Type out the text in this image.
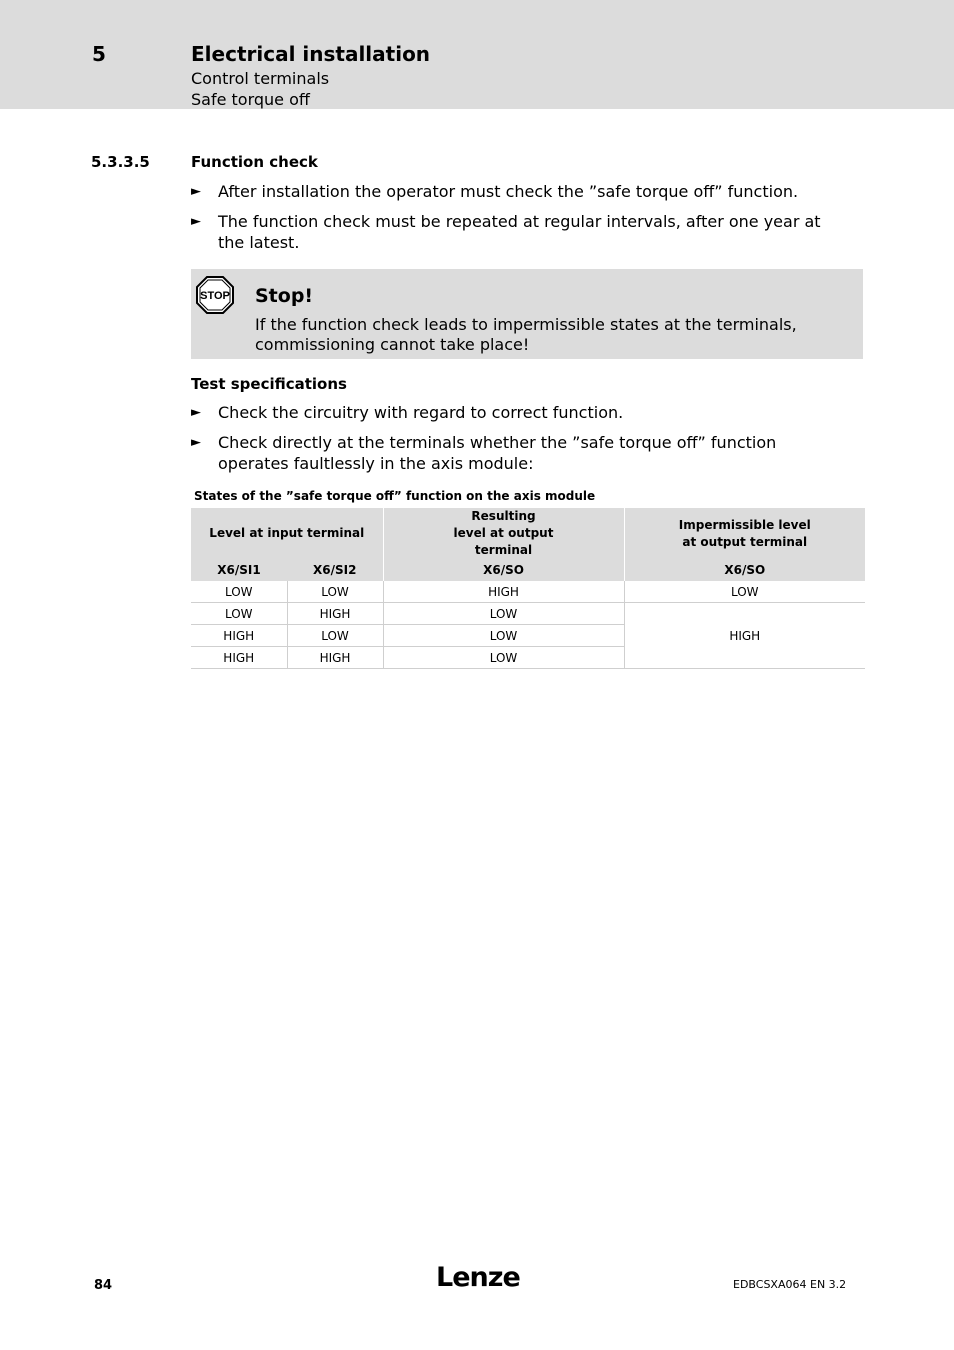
5	Electrical installation
Control terminals
Safe torque off
5.3.3.5	Function check
► After installation the operator must check the ”safe torque off” function.
► The function check must be repeated at regular intervals, after one year at the latest.
STOP Stop!
If the function check leads to impermissible states at the terminals, commissioning cannot take place!
Test specifications
► Check the circuitry with regard to correct function.
► Check directly at the terminals whether the ”safe torque off” function operates faultlessly in the axis module:
States of the ”safe torque off” function on the axis module
Level at input terminal		Resulting level at output terminal	Impermissible level at output terminal
X6/SI1	X6/SI2	X6/SO	X6/SO
LOW	LOW	HIGH	LOW
LOW	HIGH	LOW	HIGH
HIGH	LOW	LOW	
HIGH	HIGH	LOW	
84	Lenze	EDBCSXA064 EN 3.2
